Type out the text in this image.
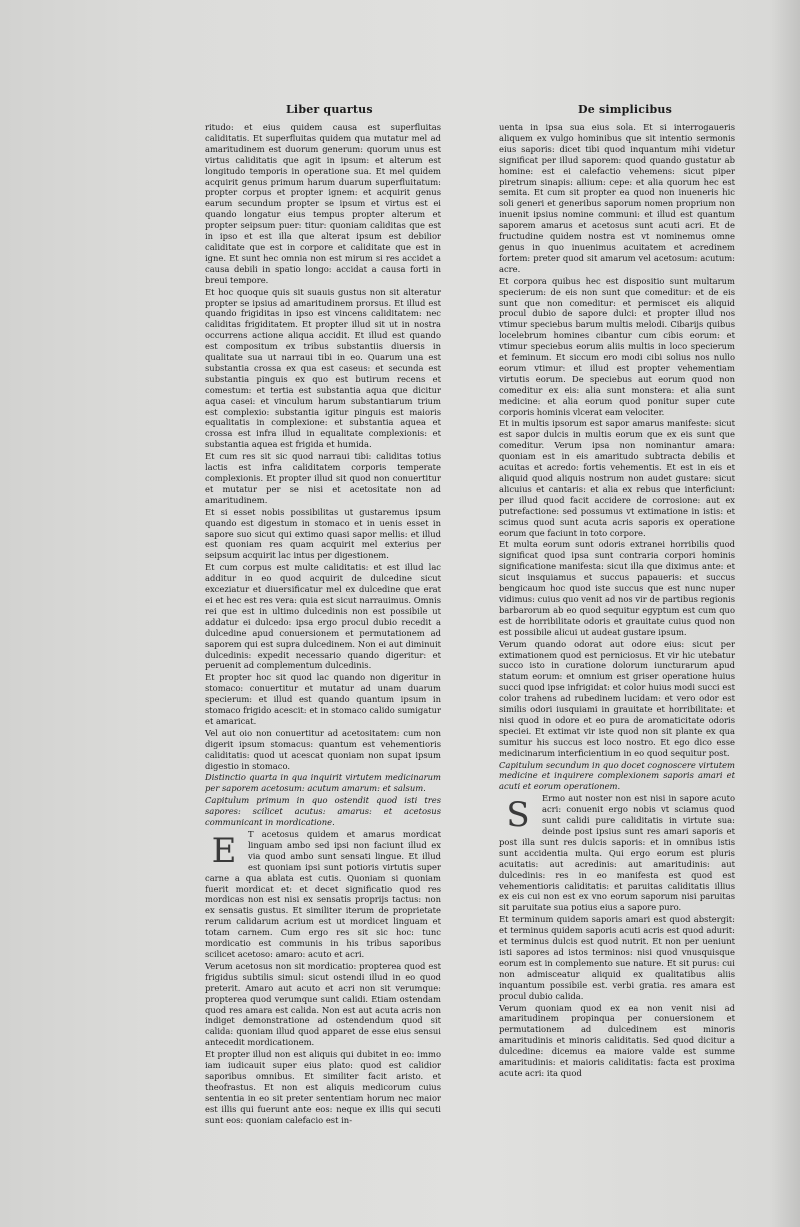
Liber quartus	De simplicibus

ritudo: et eius quidem causa est superfluitas caliditatis. Et superfluitas quidem qua mutatur mel ad amaritudinem est duorum generum: quorum unus est virtus caliditatis que agit in ipsum: et alterum est longitudo temporis in operatione sua. Et mel quidem acquirit genus primum harum duarum superfluitatum: propter corpus et propter ignem: et acquirit genus earum secundum propter se ipsum et virtus est ei quando longatur eius tempus propter alterum et propter seipsum puer: titur: quoniam caliditas que est in ipso et est illa que alterat ipsum est debilior caliditate que est in corpore et caliditate que est in igne. Et sunt hec omnia non est mirum si res accidet a causa debili in spatio longo: accidat a causa forti in breui tempore.

Et hoc quoque quis sit suauis gustus non sit alteratur propter se ipsius ad amaritudinem prorsus. Et illud est quando frigiditas in ipso est vincens caliditatem: nec caliditas frigiditatem. Et propter illud sit ut in nostra occurrens actione aliqua accidit. Et illud est quando est compositum ex tribus substantiis diuersis in qualitate sua ut narraui tibi in eo. Quarum una est substantia crossa ex qua est caseus: et secunda est substantia pinguis ex quo est butirum recens et comestum: et tertia est substantia aqua que dicitur aqua casei: et vinculum harum substantiarum trium est complexio: substantia igitur pinguis est maioris equalitatis in complexione: et substantia aquea et crossa est infra illud in equalitate complexionis: et substantia aquea est frigida et humida.

Et cum res sit sic quod narraui tibi: caliditas totius lactis est infra caliditatem corporis temperate complexionis. Et propter illud sit quod non conuertitur et mutatur per se nisi et acetositate non ad amaritudinem.

Et si esset nobis possibilitas ut gustaremus ipsum quando est digestum in stomaco et in uenis esset in sapore suo sicut qui extimo quasi sapor mellis: et illud est quoniam res quam acquirit mel exterius per seipsum acquirit lac intus per digestionem.

Et cum corpus est multe caliditatis: et est illud lac additur in eo quod acquirit de dulcedine sicut exceziatur et diuersificatur mel ex dulcedine que erat ei et hec est res vera: quia est sicut narrauimus. Omnis rei que est in ultimo dulcedinis non est possibile ut addatur ei dulcedo: ipsa ergo procul dubio recedit a dulcedine apud conuersionem et permutationem ad saporem qui est supra dulcedinem. Non ei aut diminuit dulcedinis: expedit necessario quando digeritur: et peruenit ad complementum dulcedinis.

Et propter hoc sit quod lac quando non digeritur in stomaco: conuertitur et mutatur ad unam duarum specierum: et illud est quando quantum ipsum in stomaco frigido acescit: et in stomaco calido sumigatur et amaricat.

Vel aut oio non conuertitur ad acetositatem: cum non digerit ipsum stomacus: quantum est vehementioris caliditatis: quod ut acescat quoniam non supat ipsum digestio in stomaco.

Distinctio quarta in qua inquirit virtutem medicinarum per saporem acetosum: acutum amarum: et salsum.

Capitulum primum in quo ostendit quod isti tres sapores: scilicet acutus: amarus: et acetosus communicant in mordicatione.

E	T acetosus quidem et amarus mordicat linguam ambo sed ipsi non faciunt illud ex via quod ambo sunt sensati lingue. Et illud est quoniam ipsi sunt potioris virtutis super carne a qua ablata est cutis. Quoniam si quoniam fuerit mordicat et: et decet significatio quod res mordicas non est nisi ex sensatis proprijs tactus: non ex sensatis gustus. Et similiter iterum de proprietate rerum calidarum acrium est ut mordicet linguam et totam carnem. Cum ergo res sit sic hoc: tunc mordicatio est communis in his tribus saporibus scilicet acetoso: amaro: acuto et acri.

Verum acetosus non sit mordicatio: propterea quod est frigidus subtilis simul: sicut ostendi illud in eo quod preterit. Amaro aut acuto et acri non sit verumque: propterea quod verumque sunt calidi. Etiam ostendam quod res amara est calida. Non est aut acuta acris non indiget demonstratione ad ostendendum quod sit calida: quoniam illud quod apparet de esse eius sensui antecedit mordicationem.

Et propter illud non est aliquis qui dubitet in eo: immo iam iudicauit super eius plato: quod est calidior saporibus omnibus. Et similiter facit aristo. et theofrastus. Et non est aliquis medicorum cuius sententia in eo sit preter sententiam horum nec maior est illis qui fuerunt ante eos: neque ex illis qui secuti sunt eos: quoniam calefacio est in-

uenta in ipsa sua eius sola. Et si interrogaueris aliquem ex vulgo hominibus que sit intentio sermonis eius saporis: dicet tibi quod inquantum mihi videtur significat per illud saporem: quod quando gustatur ab homine: est ei calefactio vehemens: sicut piper piretrum sinapis: allium: cepe: et alia quorum hec est semita. Et cum sit propter ea quod non inueneris hic soli generi et generibus saporum nomen proprium non inuenit ipsius nomine communi: et illud est quantum saporem amarus et acetosus sunt acuti acri. Et de fructudine quidem nostra est vt nominemus omne genus in quo inuenimus acuitatem et acredinem fortem: preter quod sit amarum vel acetosum: acutum: acre.

Et corpora quibus hec est dispositio sunt multarum specierum: de eis non sunt que comeditur: et de eis sunt que non comeditur: et permiscet eis aliquid procul dubio de sapore dulci: et propter illud nos vtimur speciebus barum multis melodi. Cibarijs quibus locelebrum homines cibantur cum cibis eorum: et vtimur speciebus eorum aliis multis in loco specierum et feminum. Et siccum ero modi cibi solius nos nullo eorum vtimur: et illud est propter vehementiam virtutis eorum. De speciebus aut eorum quod non comeditur ex eis: alia sunt monstera: et alia sunt medicine: et alia eorum quod ponitur super cute corporis hominis vlcerat eam velociter.

Et in multis ipsorum est sapor amarus manifeste: sicut est sapor dulcis in multis eorum que ex eis sunt que comeditur. Verum ipsa non nominantur amara: quoniam est in eis amaritudo subtracta debilis et acuitas et acredo: fortis vehementis. Et est in eis et aliquid quod aliquis nostrum non audet gustare: sicut alicuius et cantaris: et alia ex rebus que interficiunt: per illud quod facit accidere de corrosione: aut ex putrefactione: sed possumus vt extimatione in istis: et scimus quod sunt acuta acris saporis ex operatione eorum que faciunt in toto corpore.

Et multa eorum sunt odoris extranei horribilis quod significat quod ipsa sunt contraria corpori hominis significatione manifesta: sicut illa que diximus ante: et sicut insquiamus et succus papaueris: et succus bengicaum hoc quod iste succus que est nunc nuper vidimus: cuius quo venit ad nos vir de partibus regionis barbarorum ab eo quod sequitur egyptum est cum quo est de horribilitate odoris et grauitate cuius quod non est possibile alicui ut audeat gustare ipsum.

Verum quando odorat aut odore eius: sicut per extimationem quod est perniciosus. Et vir hic utebatur succo isto in curatione dolorum iuncturarum apud statum eorum: et omnium est griser operatione huius succi quod ipse infrigidat: et color huius modi succi est color trahens ad rubedinem lucidam: et vero odor est similis odori iusquiami in grauitate et horribilitate: et nisi quod in odore et eo pura de aromaticitate odoris speciei. Et extimat vir iste quod non sit plante ex qua sumitur his succus est loco nostro. Et ego dico esse medicinarum interficientium in eo quod sequitur post.

Capitulum secundum in quo docet cognoscere virtutem medicine et inquirere complexionem saporis amari et acuti et eorum operationem.

S	Ermo aut noster non est nisi in sapore acuto acri: conuenit ergo nobis vt sciamus quod sunt calidi pure caliditatis in virtute sua: deinde post ipsius sunt res amari saporis et post illa sunt res dulcis saporis: et in omnibus istis sunt accidentia multa. Qui ergo eorum est pluris acuitatis: aut acredinis: aut amaritudinis: aut dulcedinis: res in eo manifesta est quod est vehementioris caliditatis: et paruitas caliditatis illius ex eis cui non est ex vno eorum saporum nisi paruitas sit paruitate sua potius eius a sapore puro.

Et terminum quidem saporis amari est quod abstergit: et terminus quidem saporis acuti acris est quod adurit: et terminus dulcis est quod nutrit. Et non per ueniunt isti sapores ad istos terminos: nisi quod vnusquisque eorum est in complemento sue nature. Et sit purus: cui non admisceatur aliquid ex qualitatibus aliis inquantum possibile est. verbi gratia. res amara est procul dubio calida.

Verum quoniam quod ex ea non venit nisi ad amaritudinem propinqua per conuersionem et permutationem ad dulcedinem est minoris amaritudinis et minoris caliditatis. Sed quod dicitur a dulcedine: dicemus ea maiore valde est summe amaritudinis: et maioris caliditatis: facta est proxima acute acri: ita quod
